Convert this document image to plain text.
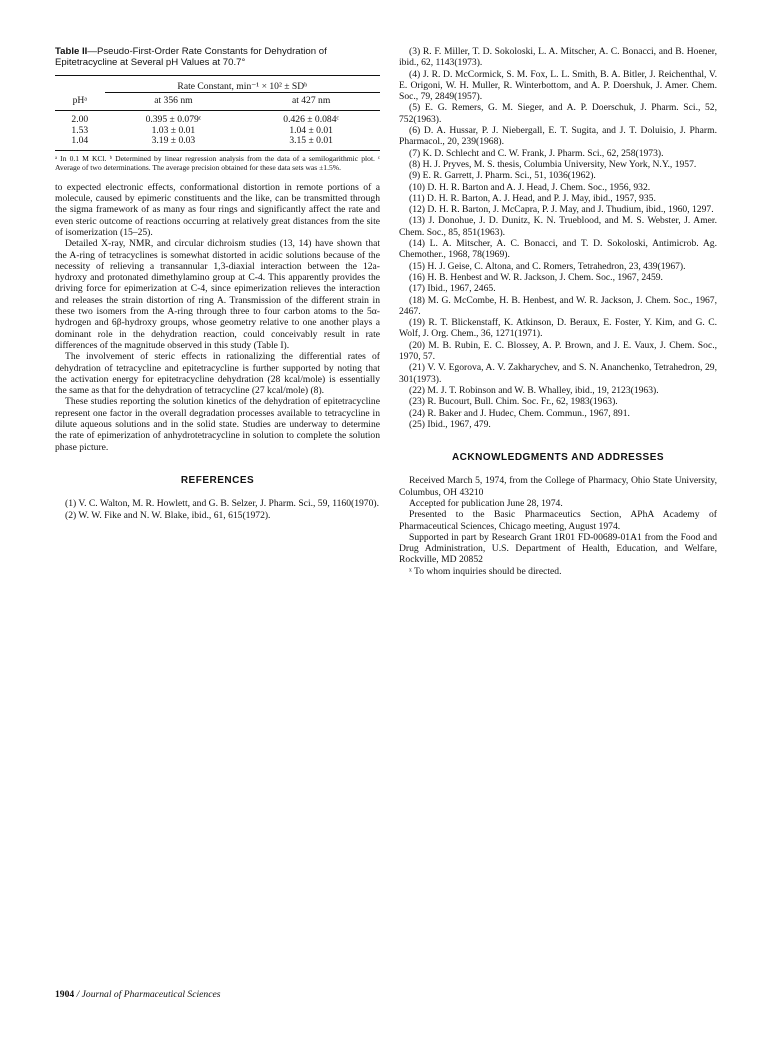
Table II—Pseudo-First-Order Rate Constants for Dehydration of Epitetracycline at Several pH Values at 70.7°

	Rate Constant, min⁻¹ × 10² ± SDᵇ	
pHᵃ	at 356 nm	at 427 nm
2.00	0.395 ± 0.079ᶜ	0.426 ± 0.084ᶜ
1.53	1.03 ± 0.01	1.04 ± 0.01
1.04	3.19 ± 0.03	3.15 ± 0.01
ᵃ In 0.1 M KCl. ᵇ Determined by linear regression analysis from the data of a semilogarithmic plot. ᶜ Average of two determinations. The average precision obtained for these data sets was ±1.5%.

to expected electronic effects, conformational distortion in remote portions of a molecule, caused by epimeric constituents and the like, can be transmitted through the sigma framework of as many as four rings and significantly affect the rate and even steric outcome of reactions occurring at relatively great distances from the site of isomerization (15–25).

Detailed X-ray, NMR, and circular dichroism studies (13, 14) have shown that the A-ring of tetracyclines is somewhat distorted in acidic solutions because of the necessity of relieving a transannular 1,3-diaxial interaction between the 12a-hydroxy and protonated dimethylamino group at C-4. This apparently provides the driving force for epimerization at C-4, since epimerization relieves the interaction and releases the strain distortion of ring A. Transmission of the different strain in these two isomers from the A-ring through three to four carbon atoms to the 5α-hydrogen and 6β-hydroxy groups, whose geometry relative to one another plays a dominant role in the dehydration reaction, could conceivably result in rate differences of the magnitude observed in this study (Table I).

The involvement of steric effects in rationalizing the differential rates of dehydration of tetracycline and epitetracycline is further supported by noting that the activation energy for epitetracycline dehydration (28 kcal/mole) is essentially the same as that for the dehydration of tetracycline (27 kcal/mole) (8).

These studies reporting the solution kinetics of the dehydration of epitetracycline represent one factor in the overall degradation processes available to tetracycline in dilute aqueous solutions and in the solid state. Studies are underway to determine the rate of epimerization of anhydrotetracycline in solution to complete the solution phase picture.

REFERENCES

(1) V. C. Walton, M. R. Howlett, and G. B. Selzer, J. Pharm. Sci., 59, 1160(1970).

(2) W. W. Fike and N. W. Blake, ibid., 61, 615(1972).

(3) R. F. Miller, T. D. Sokoloski, L. A. Mitscher, A. C. Bonacci, and B. Hoener, ibid., 62, 1143(1973).

(4) J. R. D. McCormick, S. M. Fox, L. L. Smith, B. A. Bitler, J. Reichenthal, V. E. Origoni, W. H. Muller, R. Winterbottom, and A. P. Doershuk, J. Amer. Chem. Soc., 79, 2849(1957).

(5) E. G. Remers, G. M. Sieger, and A. P. Doerschuk, J. Pharm. Sci., 52, 752(1963).

(6) D. A. Hussar, P. J. Niebergall, E. T. Sugita, and J. T. Doluisio, J. Pharm. Pharmacol., 20, 239(1968).

(7) K. D. Schlecht and C. W. Frank, J. Pharm. Sci., 62, 258(1973).

(8) H. J. Pryves, M. S. thesis, Columbia University, New York, N.Y., 1957.

(9) E. R. Garrett, J. Pharm. Sci., 51, 1036(1962).

(10) D. H. R. Barton and A. J. Head, J. Chem. Soc., 1956, 932.

(11) D. H. R. Barton, A. J. Head, and P. J. May, ibid., 1957, 935.

(12) D. H. R. Barton, J. McCapra, P. J. May, and J. Thudium, ibid., 1960, 1297.

(13) J. Donohue, J. D. Dunitz, K. N. Trueblood, and M. S. Webster, J. Amer. Chem. Soc., 85, 851(1963).

(14) L. A. Mitscher, A. C. Bonacci, and T. D. Sokoloski, Antimicrob. Ag. Chemother., 1968, 78(1969).

(15) H. J. Geise, C. Altona, and C. Romers, Tetrahedron, 23, 439(1967).

(16) H. B. Henbest and W. R. Jackson, J. Chem. Soc., 1967, 2459.

(17) Ibid., 1967, 2465.

(18) M. G. McCombe, H. B. Henbest, and W. R. Jackson, J. Chem. Soc., 1967, 2467.

(19) R. T. Blickenstaff, K. Atkinson, D. Beraux, E. Foster, Y. Kim, and G. C. Wolf, J. Org. Chem., 36, 1271(1971).

(20) M. B. Rubin, E. C. Blossey, A. P. Brown, and J. E. Vaux, J. Chem. Soc., 1970, 57.

(21) V. V. Egorova, A. V. Zakharychev, and S. N. Ananchenko, Tetrahedron, 29, 301(1973).

(22) M. J. T. Robinson and W. B. Whalley, ibid., 19, 2123(1963).

(23) R. Bucourt, Bull. Chim. Soc. Fr., 62, 1983(1963).

(24) R. Baker and J. Hudec, Chem. Commun., 1967, 891.

(25) Ibid., 1967, 479.

ACKNOWLEDGMENTS AND ADDRESSES

Received March 5, 1974, from the College of Pharmacy, Ohio State University, Columbus, OH 43210

Accepted for publication June 28, 1974.

Presented to the Basic Pharmaceutics Section, APhA Academy of Pharmaceutical Sciences, Chicago meeting, August 1974.

Supported in part by Research Grant 1R01 FD-00689-01A1 from the Food and Drug Administration, U.S. Department of Health, Education, and Welfare, Rockville, MD 20852

ˣ To whom inquiries should be directed.

1904 / Journal of Pharmaceutical Sciences
